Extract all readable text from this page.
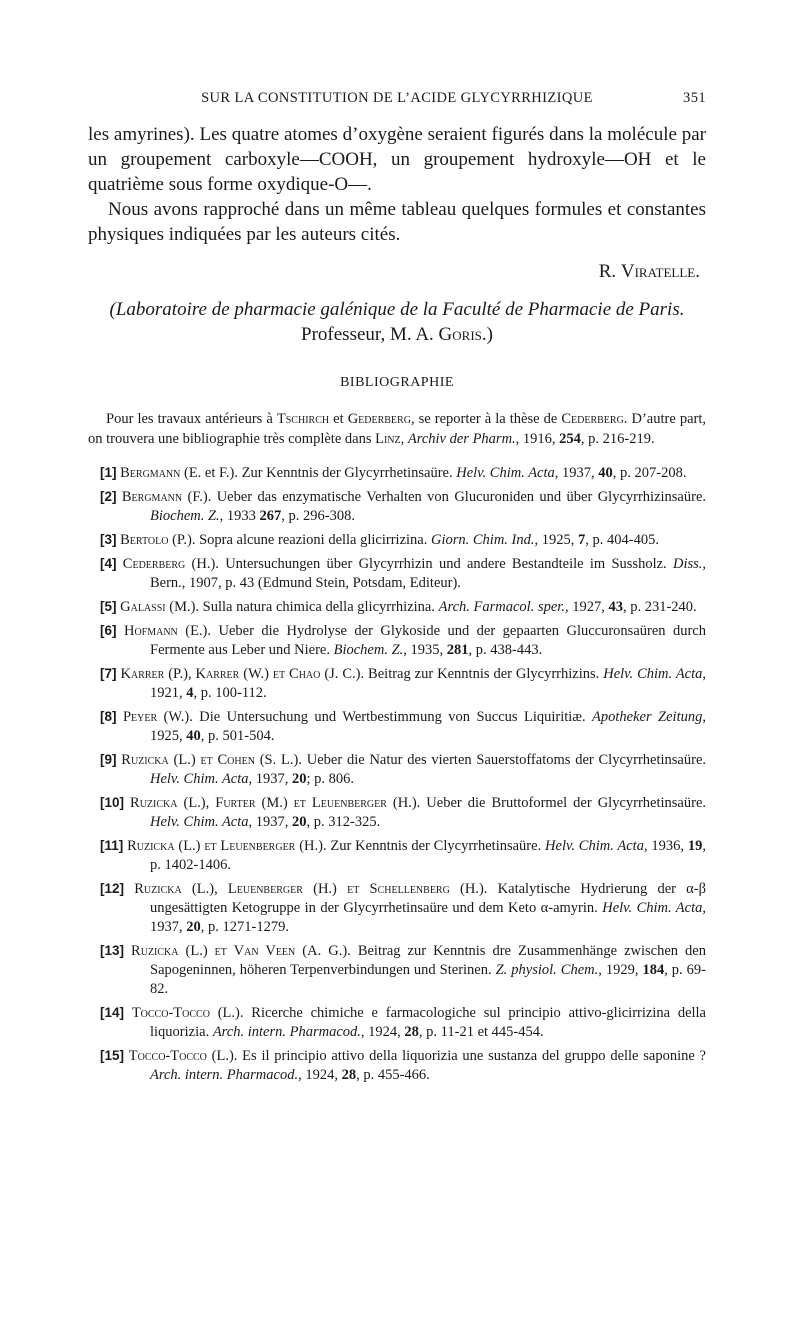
SUR LA CONSTITUTION DE L’ACIDE GLYCYRRHIZIQUE	351

les amyrines). Les quatre atomes d’oxygène seraient figurés dans la molécule par un groupement carboxyle—COOH, un groupement hydroxyle—OH et le quatrième sous forme oxydique-O—.

Nous avons rapproché dans un même tableau quelques formules et constantes physiques indiquées par les auteurs cités.

R. Viratelle.
(Laboratoire de pharmacie galénique de la Faculté de Pharmacie de Paris. Professeur, M. A. Goris.)
BIBLIOGRAPHIE
Pour les travaux antérieurs à Tschirch et Gederberg, se reporter à la thèse de Cederberg. D’autre part, on trouvera une bibliographie très complète dans Linz, Archiv der Pharm., 1916, 254, p. 216-219.
[1] Bergmann (E. et F.). Zur Kenntnis der Glycyrrhetinsaüre. Helv. Chim. Acta, 1937, 40, p. 207-208.
[2] Bergmann (F.). Ueber das enzymatische Verhalten von Glucuroniden und über Glycyrrhizinsaüre. Biochem. Z., 1933 267, p. 296-308.
[3] Bertolo (P.). Sopra alcune reazioni della glicirrizina. Giorn. Chim. Ind., 1925, 7, p. 404-405.
[4] Cederberg (H.). Untersuchungen über Glycyrrhizin und andere Bestandteile im Sussholz. Diss., Bern., 1907, p. 43 (Edmund Stein, Potsdam, Editeur).
[5] Galassi (M.). Sulla natura chimica della glicyrrhizina. Arch. Farmacol. sper., 1927, 43, p. 231-240.
[6] Hofmann (E.). Ueber die Hydrolyse der Glykoside und der gepaarten Gluccuronsaüren durch Fermente aus Leber und Niere. Biochem. Z., 1935, 281, p. 438-443.
[7] Karrer (P.), Karrer (W.) et Chao (J. C.). Beitrag zur Kenntnis der Glycyrrhizins. Helv. Chim. Acta, 1921, 4, p. 100-112.
[8] Peyer (W.). Die Untersuchung und Wertbestimmung von Succus Liquiritiæ. Apotheker Zeitung, 1925, 40, p. 501-504.
[9] Ruzicka (L.) et Cohen (S. L.). Ueber die Natur des vierten Sauerstoffatoms der Clycyrrhetinsaüre. Helv. Chim. Acta, 1937, 20; p. 806.
[10] Ruzicka (L.), Furter (M.) et Leuenberger (H.). Ueber die Bruttoformel der Glycyrrhetinsaüre. Helv. Chim. Acta, 1937, 20, p. 312-325.
[11] Ruzicka (L.) et Leuenberger (H.). Zur Kenntnis der Clycyrrhetinsaüre. Helv. Chim. Acta, 1936, 19, p. 1402-1406.
[12] Ruzicka (L.), Leuenberger (H.) et Schellenberg (H.). Katalytische Hydrierung der α-β ungesättigten Ketogruppe in der Glycyrrhetinsaüre und dem Keto α-amyrin. Helv. Chim. Acta, 1937, 20, p. 1271-1279.
[13] Ruzicka (L.) et Van Veen (A. G.). Beitrag zur Kenntnis dre Zusammenhänge zwischen den Sapogeninnen, höheren Terpenverbindungen und Sterinen. Z. physiol. Chem., 1929, 184, p. 69-82.
[14] Tocco-Tocco (L.). Ricerche chimiche e farmacologiche sul principio attivo-glicirrizina della liquorizia. Arch. intern. Pharmacod., 1924, 28, p. 11-21 et 445-454.
[15] Tocco-Tocco (L.). Es il principio attivo della liquorizia une sustanza del gruppo delle saponine ? Arch. intern. Pharmacod., 1924, 28, p. 455-466.
